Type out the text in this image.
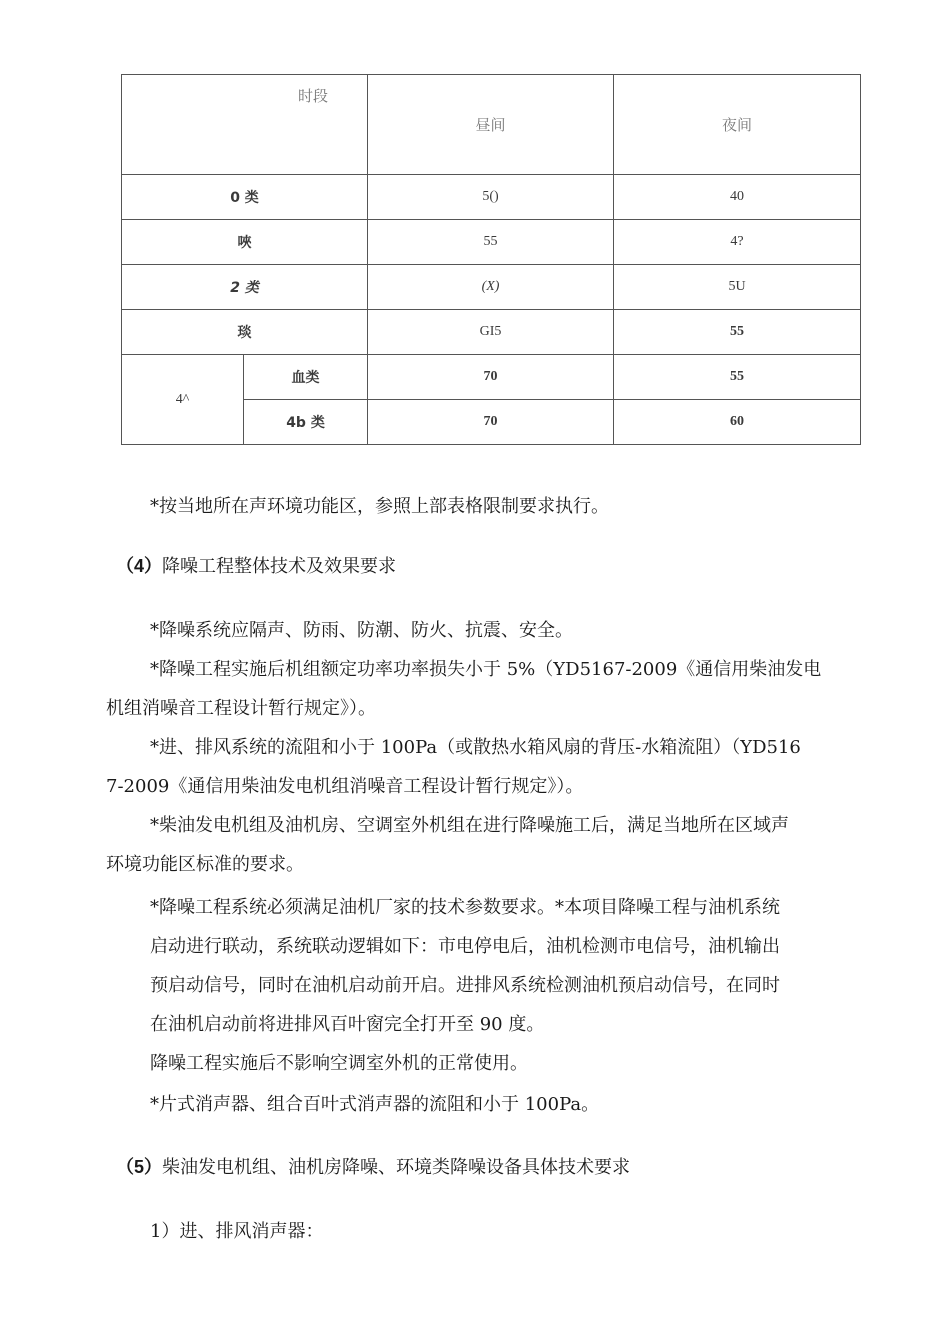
时段		昼间	夜间
0 类		5()	40
唊		55	4?
2 类		(X)	5U
琰		GI5	55
4^	血类	70	55
	4b 类	70	60
*按当地所在声环境功能区，参照上部表格限制要求执行。
（4）降噪工程整体技术及效果要求
*降噪系统应隔声、防雨、防潮、防火、抗震、安全。
*降噪工程实施后机组额定功率功率损失小于 5%（YD5167-2009《通信用柴油发电
机组消噪音工程设计暂行规定》）。
*进、排风系统的流阻和小于 100Pa（或散热水箱风扇的背压-水箱流阻）（YD516
7-2009《通信用柴油发电机组消噪音工程设计暂行规定》）。
*柴油发电机组及油机房、空调室外机组在进行降噪施工后，满足当地所在区域声
环境功能区标准的要求。
*降噪工程系统必须满足油机厂家的技术参数要求。*本项目降噪工程与油机系统
启动进行联动，系统联动逻辑如下：市电停电后，油机检测市电信号，油机输出
预启动信号，同时在油机启动前开启。进排风系统检测油机预启动信号，在同时
在油机启动前将进排风百叶窗完全打开至 90 度。
降噪工程实施后不影响空调室外机的正常使用。
*片式消声器、组合百叶式消声器的流阻和小于 100Pa。
（5）柴油发电机组、油机房降噪、环境类降噪设备具体技术要求
1）进、排风消声器：
